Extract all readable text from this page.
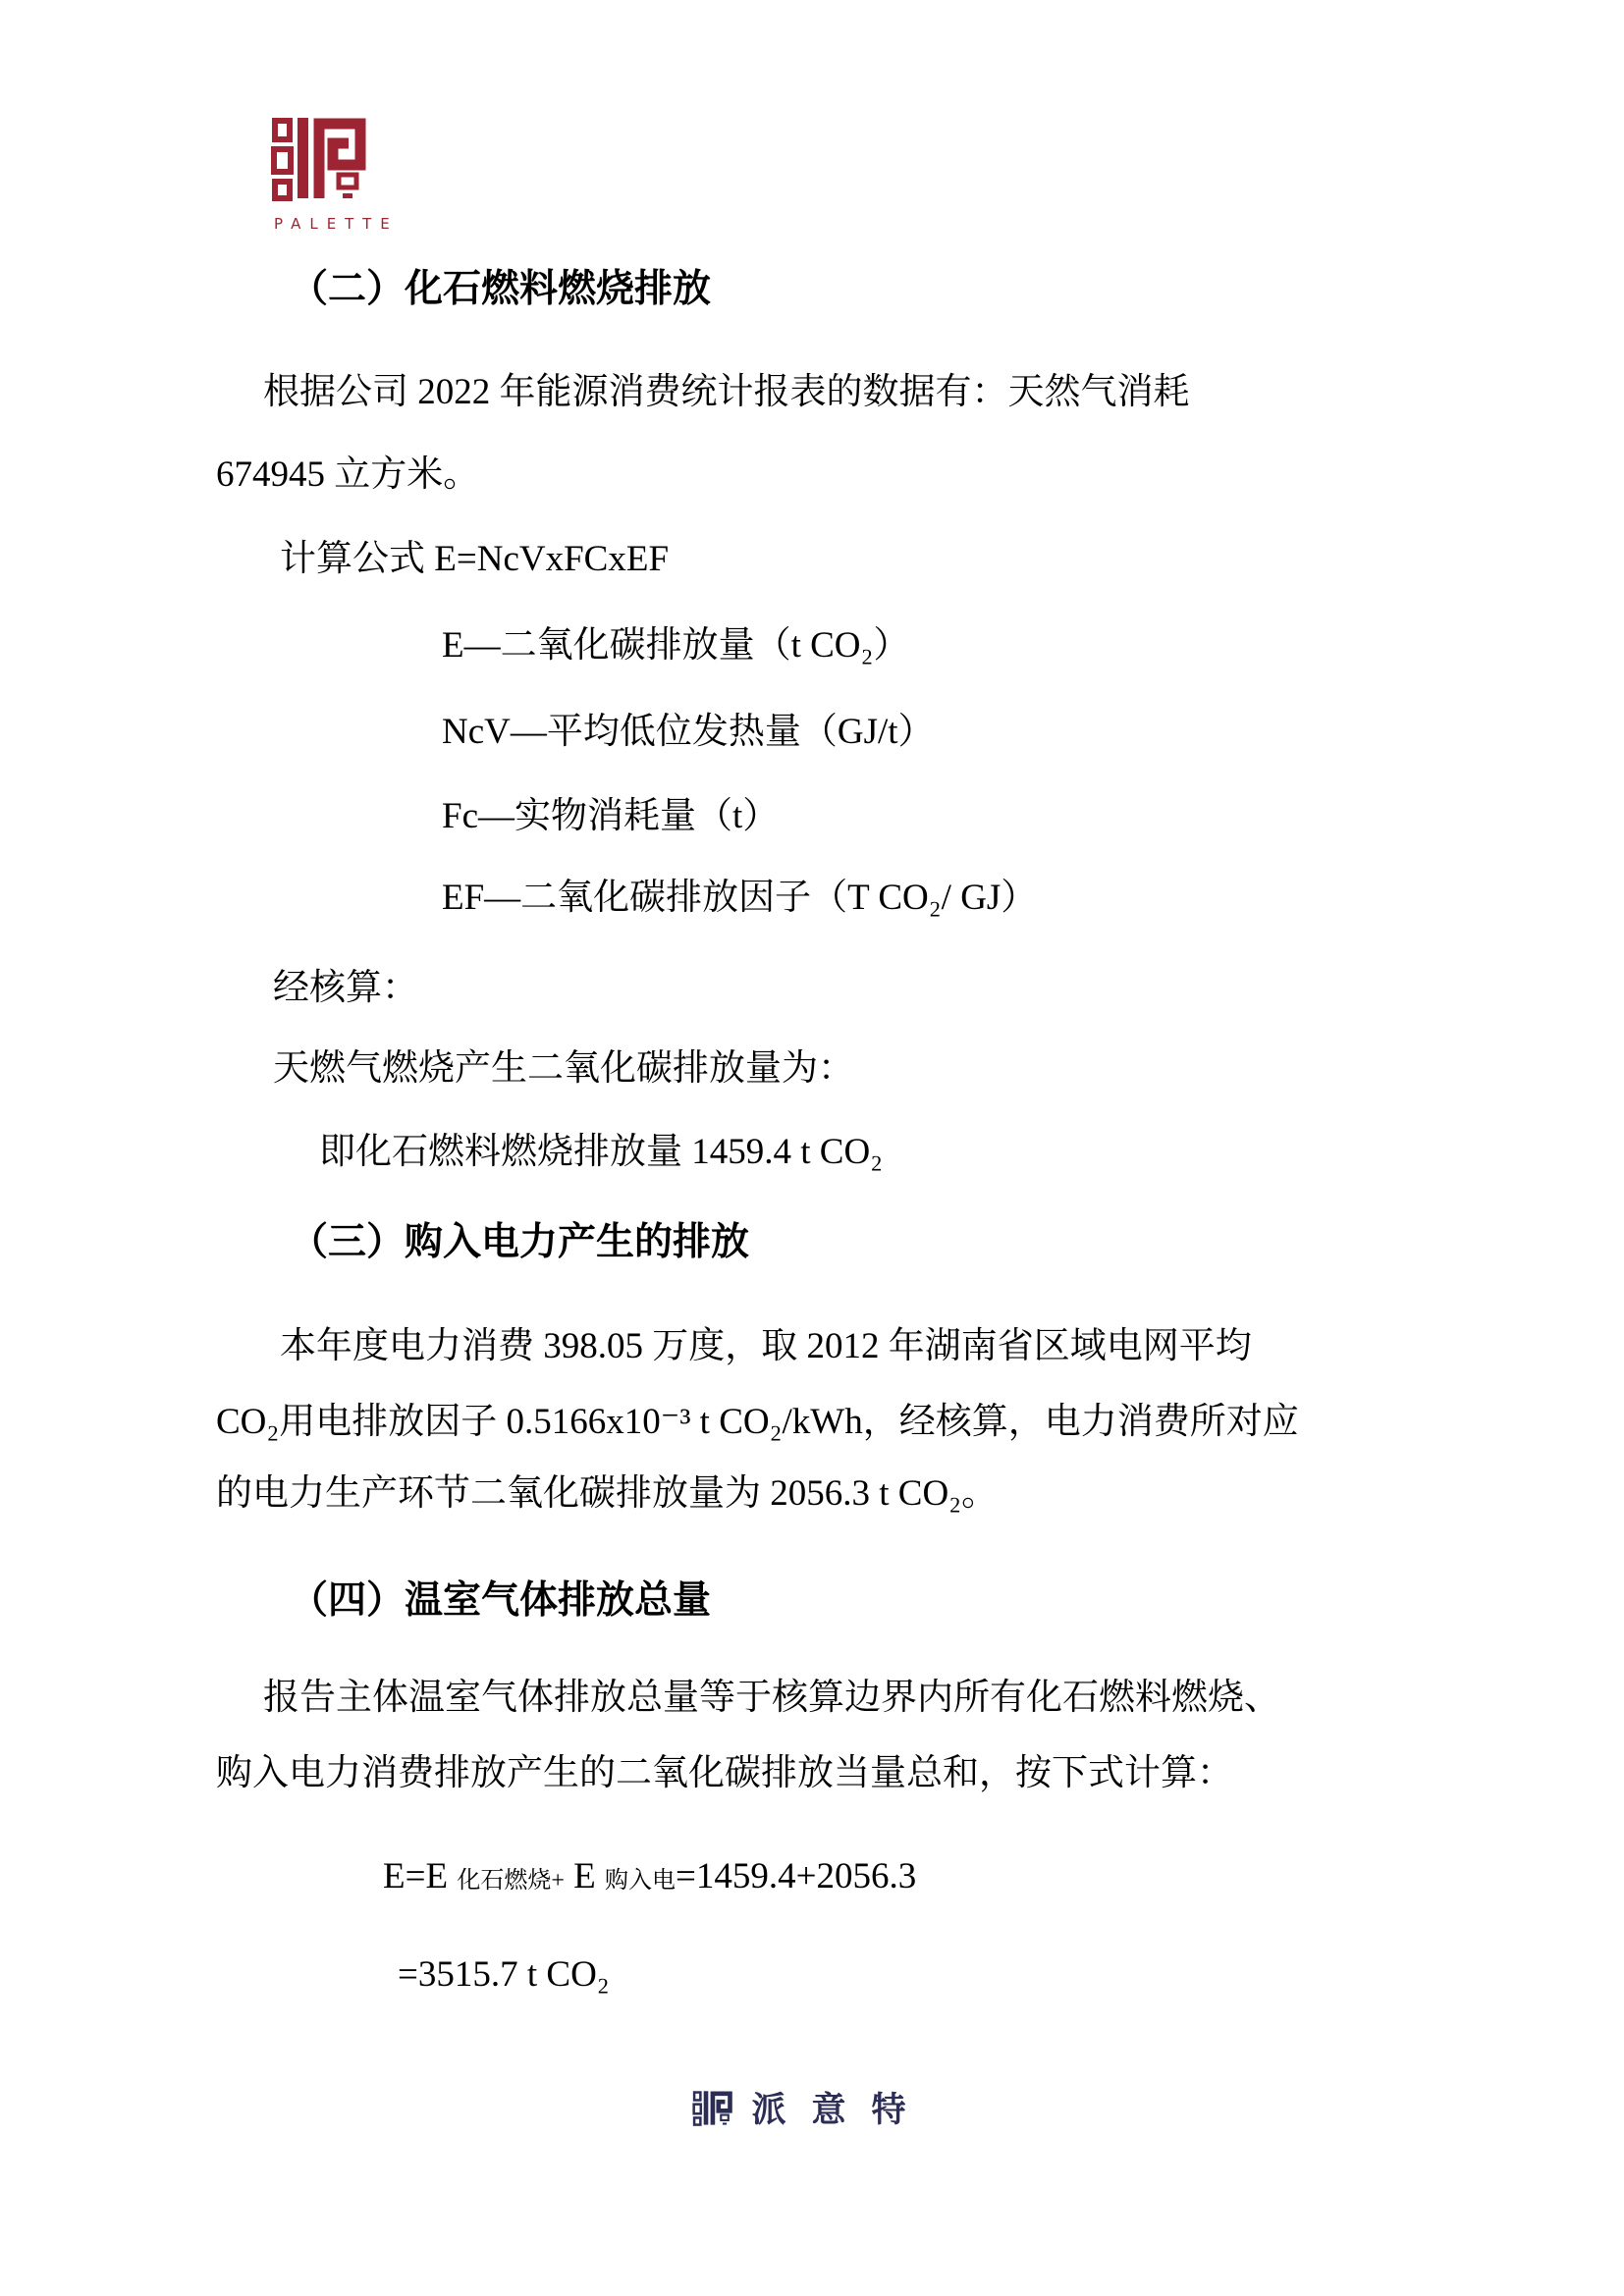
PALETTE

（二）化石燃料燃烧排放

根据公司 2022 年能源消费统计报表的数据有：天然气消耗

674945 立方米。

计算公式 E=NcVxFCxEF

E—二氧化碳排放量（t CO₂）

NcV—平均低位发热量（GJ/t）

Fc—实物消耗量（t）

EF—二氧化碳排放因子（T CO₂/ GJ）

经核算：

天燃气燃烧产生二氧化碳排放量为：

即化石燃料燃烧排放量 1459.4 t CO₂

（三）购入电力产生的排放

本年度电力消费 398.05 万度，取 2012 年湖南省区域电网平均

CO₂用电排放因子 0.5166x10⁻³ t CO₂/kWh，经核算，电力消费所对应

的电力生产环节二氧化碳排放量为 2056.3 t CO₂。

（四）温室气体排放总量

报告主体温室气体排放总量等于核算边界内所有化石燃料燃烧、

购入电力消费排放产生的二氧化碳排放当量总和，按下式计算：

E=E 化石燃烧+ E 购入电=1459.4+2056.3

=3515.7 t CO₂

派意特
